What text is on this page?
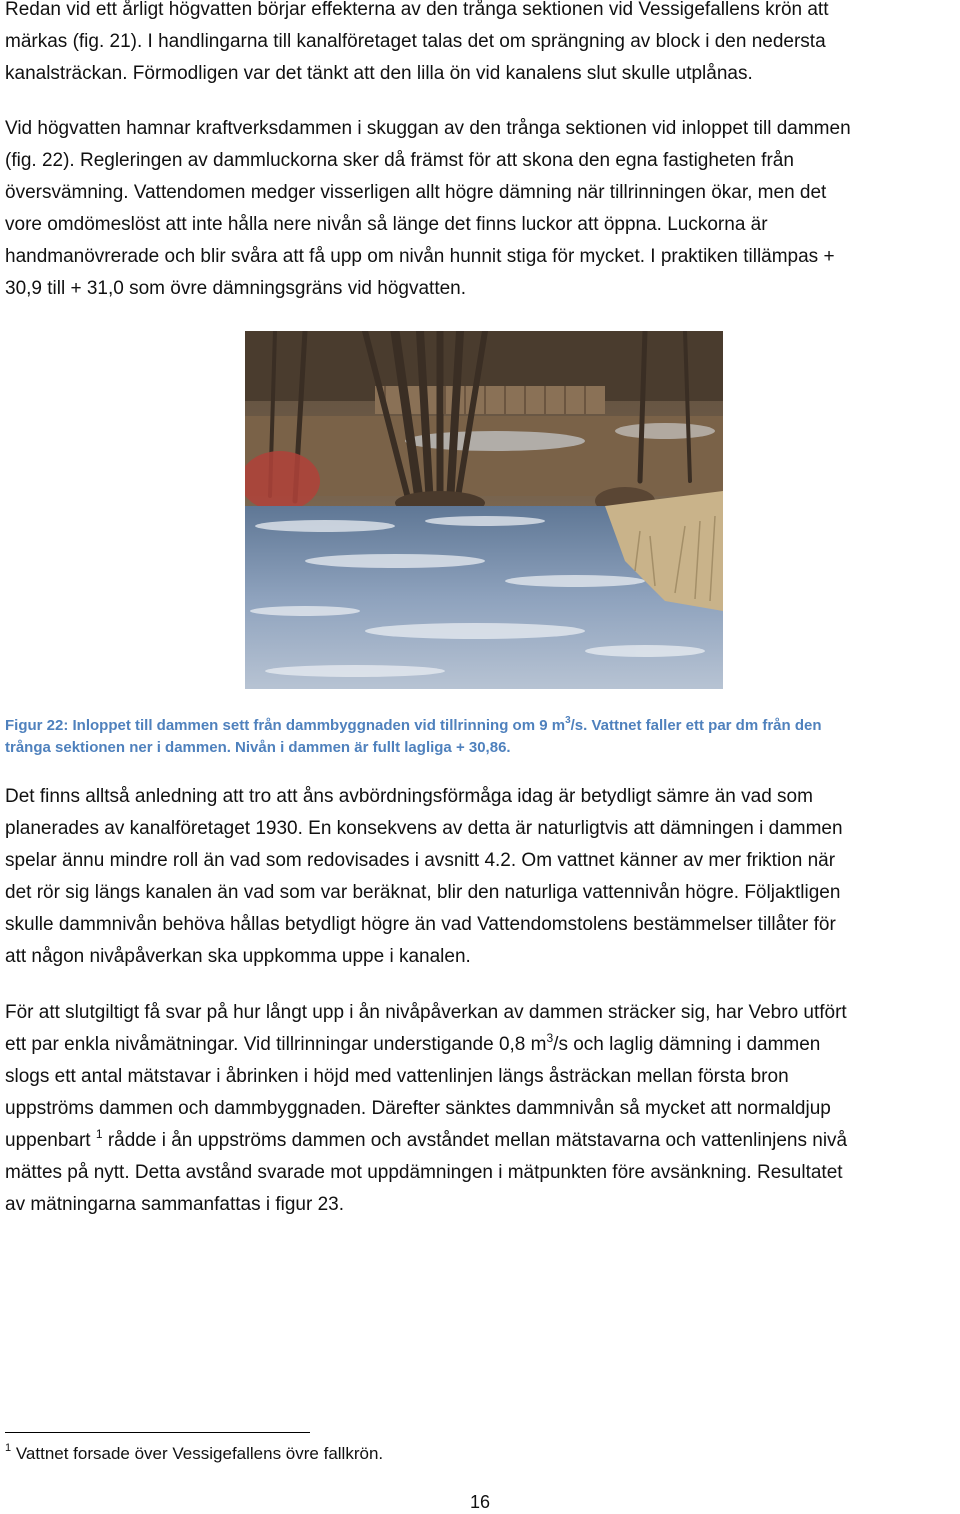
Redan vid ett årligt högvatten börjar effekterna av den trånga sektionen vid Vessigefallens krön att
märkas (fig. 21). I handlingarna till kanalföretaget talas det om sprängning av block i den nedersta
kanalsträckan. Förmodligen var det tänkt att den lilla ön vid kanalens slut skulle utplånas.

Vid högvatten hamnar kraftverksdammen i skuggan av den trånga sektionen vid inloppet till dammen
(fig. 22). Regleringen av dammluckorna sker då främst för att skona den egna fastigheten från
översvämning. Vattendomen medger visserligen allt högre dämning när tillrinningen ökar, men det
vore omdömeslöst att inte hålla nere nivån så länge det finns luckor att öppna. Luckorna är
handmanövrerade och blir svåra att få upp om nivån hunnit stiga för mycket. I praktiken tillämpas +
30,9 till + 31,0 som övre dämningsgräns vid högvatten.

Figur 22: Inloppet till dammen sett från dammbyggnaden vid tillrinning om 9 $m^3/s$. Vattnet faller ett par dm från den
trånga sektionen ner i dammen. Nivån i dammen är fullt lagliga + 30,86.

Det finns alltså anledning att tro att åns avbördningsförmåga idag är betydligt sämre än vad som
planerades av kanalföretaget 1930. En konsekvens av detta är naturligtvis att dämningen i dammen
spelar ännu mindre roll än vad som redovisades i avsnitt 4.2. Om vattnet känner av mer friktion när
det rör sig längs kanalen än vad som var beräknat, blir den naturliga vattennivån högre. Följaktligen
skulle dammnivån behöva hållas betydligt högre än vad Vattendomstolens bestämmelser tillåter för
att någon nivåpåverkan ska uppkomma uppe i kanalen.

För att slutgiltigt få svar på hur långt upp i ån nivåpåverkan av dammen sträcker sig, har Vebro utfört
ett par enkla nivåmätningar. Vid tillrinningar understigande 0,8 $m^3/s$ och laglig dämning i dammen
slogs ett antal mätstavar i åbrinken i höjd med vattenlinjen längs åsträckan mellan första bron
uppströms dammen och dammbyggnaden. Därefter sänktes dammnivån så mycket att normaldjup
uppenbart $^1$ rådde i ån uppströms dammen och avståndet mellan mätstavarna och vattenlinjens nivå
mättes på nytt. Detta avstånd svarade mot uppdämningen i mätpunkten före avsänkning. Resultatet
av mätningarna sammanfattas i figur 23.

$^1$ Vattnet forsade över Vessigefallens övre fallkrön.
16
